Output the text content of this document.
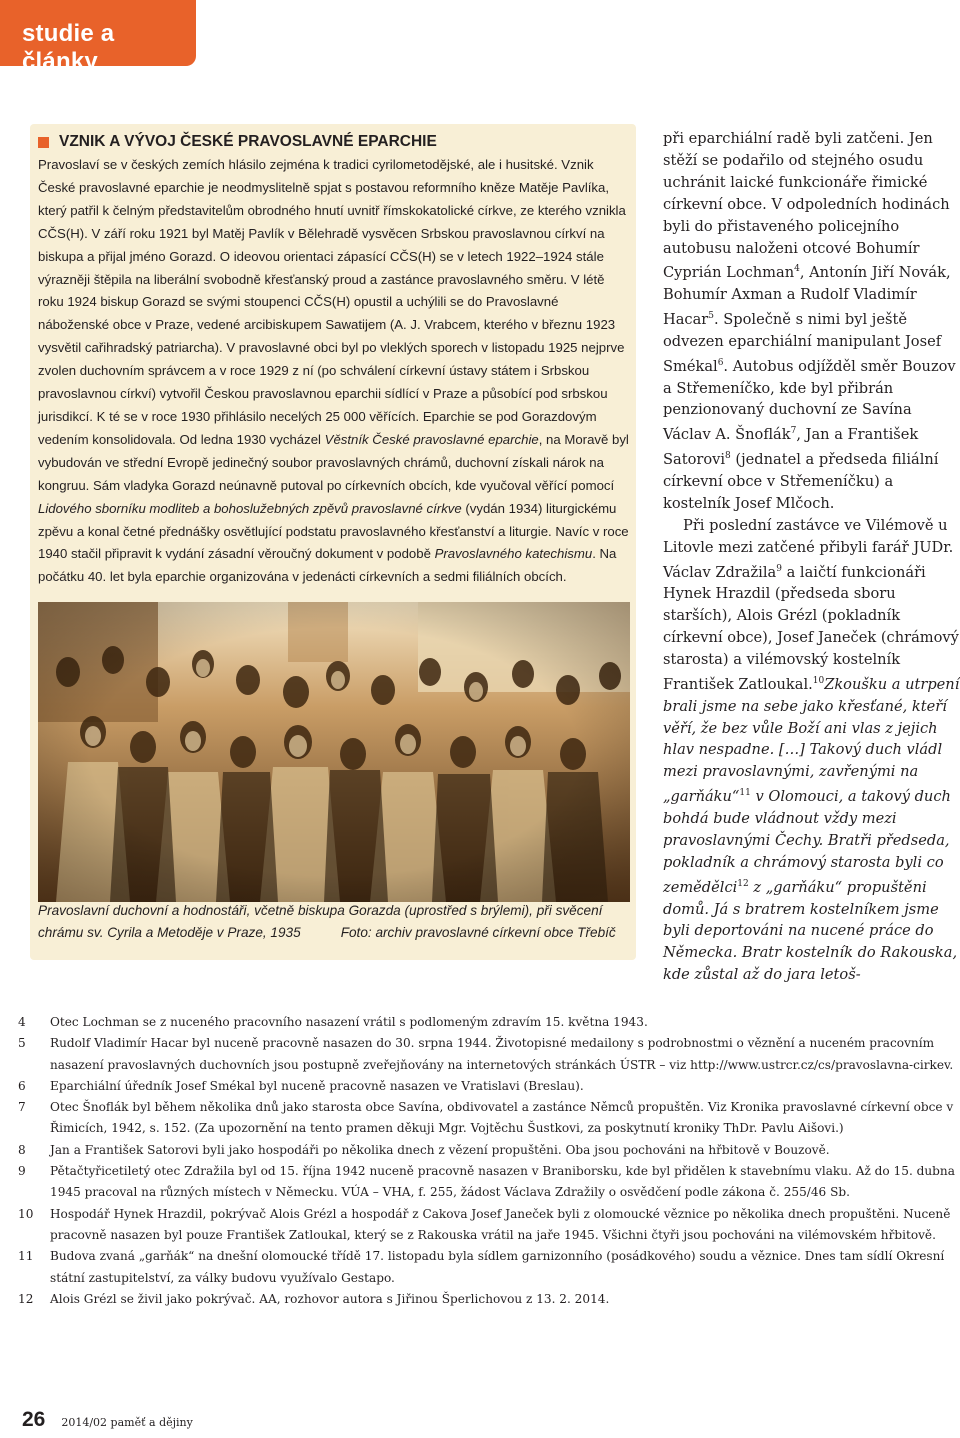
studie a články
VZNIK A VÝVOJ ČESKÉ PRAVOSLAVNÉ EPARCHIE

Pravoslaví se v českých zemích hlásilo zejména k tradici cyrilometodějské, ale i husitské. Vznik České pravoslavné eparchie je neodmyslitelně spjat s postavou reformního kněze Matěje Pavlíka, který patřil k čelným představitelům obrodného hnutí uvnitř římskokatolické církve, ze kterého vznikla CČS(H). V září roku 1921 byl Matěj Pavlík v Bělehradě vysvěcen Srbskou pravoslavnou církví na biskupa a přijal jméno Gorazd. O ideovou orientaci zápasící CČS(H) se v letech 1922–1924 stále výrazněji štěpila na liberální svobodně křesťanský proud a zastánce pravoslavného směru. V létě roku 1924 biskup Gorazd se svými stoupenci CČS(H) opustil a uchýlili se do Pravoslavné náboženské obce v Praze, vedené arcibiskupem Sawatijem (A. J. Vrabcem, kterého v březnu 1923 vysvětil cařihradský patriarcha). V pravoslavné obci byl po vleklých sporech v listopadu 1925 nejprve zvolen duchovním správcem a v roce 1929 z ní (po schválení církevní ústavy státem i Srbskou pravoslavnou církví) vytvořil Českou pravoslavnou eparchii sídlící v Praze a působící pod srbskou jurisdikcí. K té se v roce 1930 přihlásilo necelých 25 000 věřících. Eparchie se pod Gorazdovým vedením konsolidovala. Od ledna 1930 vycházel Věstník České pravoslavné eparchie, na Moravě byl vybudován ve střední Evropě jedinečný soubor pravoslavných chrámů, duchovní získali nárok na kongruu. Sám vladyka Gorazd neúnavně putoval po církevních obcích, kde vyučoval věřící pomocí Lidového sborníku modliteb a bohoslužebných zpěvů pravoslavné církve (vydán 1934) liturgickému zpěvu a konal četné přednášky osvětlující podstatu pravoslavného křesťanství a liturgie. Navíc v roce 1940 stačil připravit k vydání zásadní věroučný dokument v podobě Pravoslavného katechismu. Na počátku 40. let byla eparchie organizována v jedenácti církevních a sedmi filiálních obcích.

Pravoslavní duchovní a hodnostáři, včetně biskupa Gorazda (uprostřed s brýlemi), při svěcení chrámu sv. Cyrila a Metoděje v Praze, 1935	Foto: archiv pravoslavné církevní obce Třebíč

při eparchiální radě byli zatčeni. Jen stěží se podařilo od stejného osudu uchránit laické funkcionáře řimické církevní obce. V odpoledních hodinách byli do přistaveného policejního autobusu naloženi otcové Bohumír Cyprián Lochman$^4$, Antonín Jiří Novák, Bohumír Axman a Rudolf Vladimír Hacar$^5$. Společně s nimi byl ještě odvezen eparchiální manipulant Josef Smékal$^6$. Autobus odjížděl směr Bouzov a Střemeníčko, kde byl přibrán penzionovaný duchovní ze Savína Václav A. Šnoflák$^7$, Jan a František Satorovi$^8$ (jednatel a předseda filiální církevní obce v Střemeníčku) a kostelník Josef Mlčoch.

Při poslední zastávce ve Vilémově u Litovle mezi zatčené přibyli farář JUDr. Václav Zdražila$^9$ a laičtí funkcionáři Hynek Hrazdil (předseda sboru starších), Alois Grézl (pokladník církevní obce), Josef Janeček (chrámový starosta) a vilémovský kostelník František Zatloukal.$^{10}$Zkoušku a utrpení brali jsme na sebe jako křesťané, kteří věří, že bez vůle Boží ani vlas z jejich hlav nespadne. […] Takový duch vládl mezi pravoslavnými, zavřenými na „garňáku“$^{11}$ v Olomouci, a takový duch bohdá bude vládnout vždy mezi pravoslavnými Čechy. Bratři předseda, pokladník a chrámový starosta byli co zemědělci$^{12}$ z „garňáku“ propuštěni domů. Já s bratrem kostelníkem jsme byli deportováni na nucené práce do Německa. Bratr kostelník do Rakouska, kde zůstal až do jara letoš-

4	Otec Lochman se z nuceného pracovního nasazení vrátil s podlomeným zdravím 15. května 1943.
5	Rudolf Vladimír Hacar byl nuceně pracovně nasazen do 30. srpna 1944. Životopisné medailony s podrobnostmi o věznění a nuceném pracovním nasazení pravoslavných duchovních jsou postupně zveřejňovány na internetových stránkách ÚSTR – viz http://www.ustrcr.cz/cs/pravoslavna-cirkev.
6	Eparchiální úředník Josef Smékal byl nuceně pracovně nasazen ve Vratislavi (Breslau).
7	Otec Šnoflák byl během několika dnů jako starosta obce Savína, obdivovatel a zastánce Němců propuštěn. Viz Kronika pravoslavné církevní obce v Řimicích, 1942, s. 152. (Za upozornění na tento pramen děkuji Mgr. Vojtěchu Šustkovi, za poskytnutí kroniky ThDr. Pavlu Aišovi.)
8	Jan a František Satorovi byli jako hospodáři po několika dnech z vězení propuštěni. Oba jsou pochováni na hřbitově v Bouzově.
9	Pětačtyřicetiletý otec Zdražila byl od 15. října 1942 nuceně pracovně nasazen v Braniborsku, kde byl přidělen k stavebnímu vlaku. Až do 15. dubna 1945 pracoval na různých místech v Německu. VÚA – VHA, f. 255, žádost Václava Zdražily o osvědčení podle zákona č. 255/46 Sb.
10	Hospodář Hynek Hrazdil, pokrývač Alois Grézl a hospodář z Cakova Josef Janeček byli z olomoucké věznice po několika dnech propuštěni. Nuceně pracovně nasazen byl pouze František Zatloukal, který se z Rakouska vrátil na jaře 1945. Všichni čtyři jsou pochováni na vilémovském hřbitově.
11	Budova zvaná „garňák“ na dnešní olomoucké třídě 17. listopadu byla sídlem garnizonního (posádkového) soudu a věznice. Dnes tam sídlí Okresní státní zastupitelství, za války budovu využívalo Gestapo.
12	Alois Grézl se živil jako pokrývač. AA, rozhovor autora s Jiřinou Šperlichovou z 13. 2. 2014.
26 2014/02 paměť a dějiny
